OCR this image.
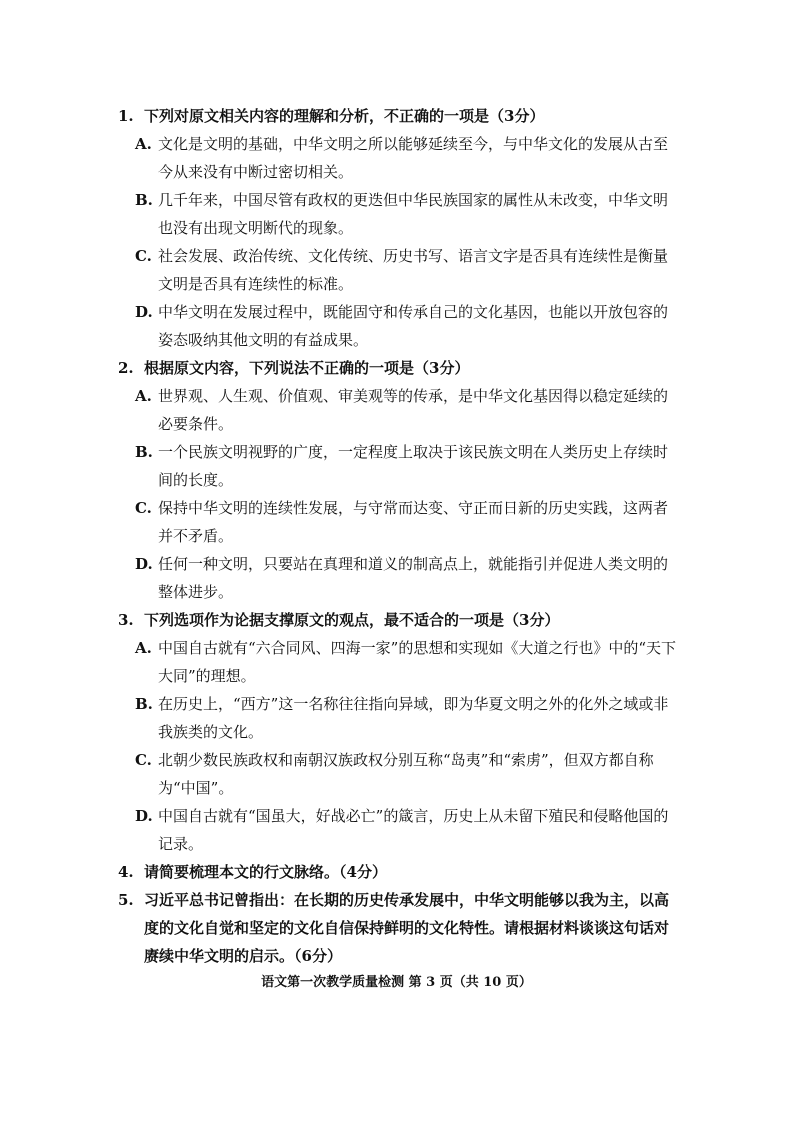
1. 下列对原文相关内容的理解和分析，不正确的一项是（3分）
A. 文化是文明的基础，中华文明之所以能够延续至今，与中华文化的发展从古至今从来没有中断过密切相关。
B. 几千年来，中国尽管有政权的更迭但中华民族国家的属性从未改变，中华文明也没有出现文明断代的现象。
C. 社会发展、政治传统、文化传统、历史书写、语言文字是否具有连续性是衡量文明是否具有连续性的标准。
D. 中华文明在发展过程中，既能固守和传承自己的文化基因，也能以开放包容的姿态吸纳其他文明的有益成果。
2. 根据原文内容，下列说法不正确的一项是（3分）
A. 世界观、人生观、价值观、审美观等的传承，是中华文化基因得以稳定延续的必要条件。
B. 一个民族文明视野的广度，一定程度上取决于该民族文明在人类历史上存续时间的长度。
C. 保持中华文明的连续性发展，与守常而达变、守正而日新的历史实践，这两者并不矛盾。
D. 任何一种文明，只要站在真理和道义的制高点上，就能指引并促进人类文明的整体进步。
3. 下列选项作为论据支撑原文的观点，最不适合的一项是（3分）
A. 中国自古就有“六合同风、四海一家”的思想和实现如《大道之行也》中的“天下大同”的理想。
B. 在历史上，“西方”这一名称往往指向异域，即为华夏文明之外的化外之域或非我族类的文化。
C. 北朝少数民族政权和南朝汉族政权分别互称“岛夷”和“索虏”，但双方都自称为“中国”。
D. 中国自古就有“国虽大，好战必亡”的箴言，历史上从未留下殖民和侵略他国的记录。
4. 请简要梳理本文的行文脉络。（4分）
5. 习近平总书记曾指出：在长期的历史传承发展中，中华文明能够以我为主，以高度的文化自觉和坚定的文化自信保持鲜明的文化特性。请根据材料谈谈这句话对赓续中华文明的启示。（6分）
语文第一次教学质量检测 第 3 页（共 10 页）
